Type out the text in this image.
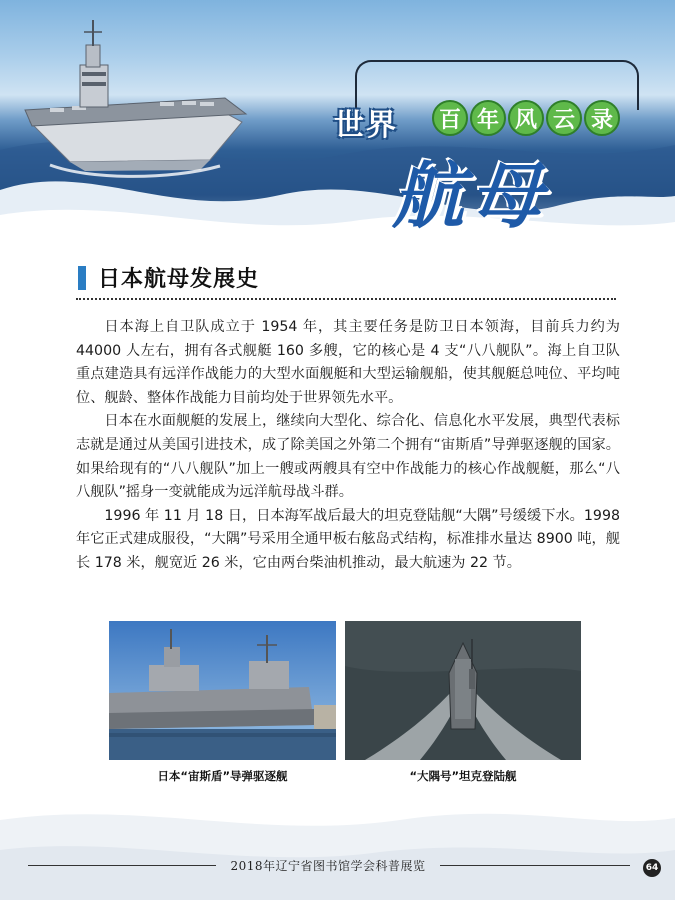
世界	百 年 风 云 录
航母
日本航母发展史

日本海上自卫队成立于 1954 年，其主要任务是防卫日本领海，目前兵力约为 44000 人左右，拥有各式舰艇 160 多艘，它的核心是 4 支“八八舰队”。海上自卫队重点建造具有远洋作战能力的大型水面舰艇和大型运输舰船，使其舰艇总吨位、平均吨位、舰龄、整体作战能力目前均处于世界领先水平。

日本在水面舰艇的发展上，继续向大型化、综合化、信息化水平发展，典型代表标志就是通过从美国引进技术，成了除美国之外第二个拥有“宙斯盾”导弹驱逐舰的国家。如果给现有的“八八舰队”加上一艘或两艘具有空中作战能力的核心作战舰艇，那么“八八舰队”摇身一变就能成为远洋航母战斗群。

1996 年 11 月 18 日，日本海军战后最大的坦克登陆舰“大隅”号缓缓下水。1998 年它正式建成服役，“大隅”号采用全通甲板右舷岛式结构，标准排水量达 8900 吨，舰长 178 米，舰宽近 26 米，它由两台柴油机推动，最大航速为 22 节。

日本“宙斯盾”导弹驱逐舰	“大隅号”坦克登陆舰
2018年辽宁省图书馆学会科普展览	64
